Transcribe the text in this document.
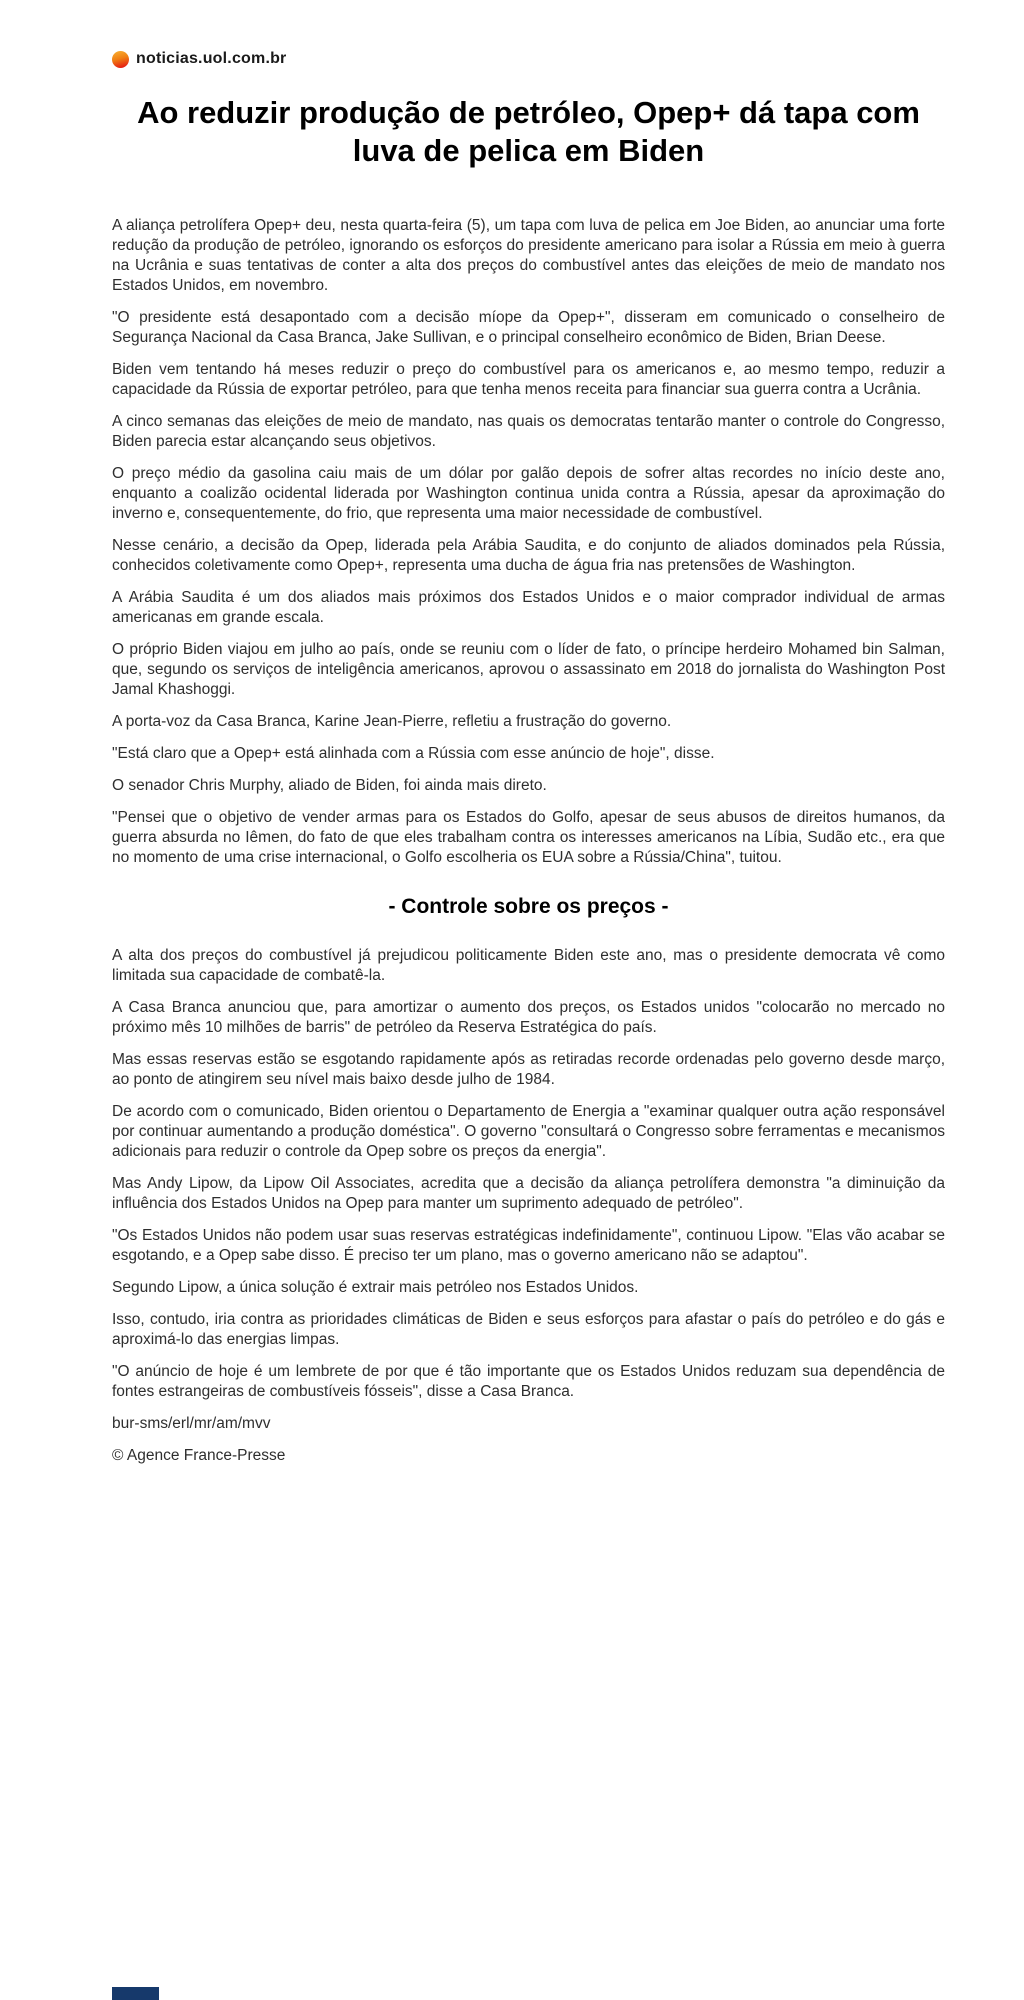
noticias.uol.com.br
Ao reduzir produção de petróleo, Opep+ dá tapa com luva de pelica em Biden

A aliança petrolífera Opep+ deu, nesta quarta-feira (5), um tapa com luva de pelica em Joe Biden, ao anunciar uma forte redução da produção de petróleo, ignorando os esforços do presidente americano para isolar a Rússia em meio à guerra na Ucrânia e suas tentativas de conter a alta dos preços do combustível antes das eleições de meio de mandato nos Estados Unidos, em novembro.

"O presidente está desapontado com a decisão míope da Opep+", disseram em comunicado o conselheiro de Segurança Nacional da Casa Branca, Jake Sullivan, e o principal conselheiro econômico de Biden, Brian Deese.

Biden vem tentando há meses reduzir o preço do combustível para os americanos e, ao mesmo tempo, reduzir a capacidade da Rússia de exportar petróleo, para que tenha menos receita para financiar sua guerra contra a Ucrânia.

A cinco semanas das eleições de meio de mandato, nas quais os democratas tentarão manter o controle do Congresso, Biden parecia estar alcançando seus objetivos.

O preço médio da gasolina caiu mais de um dólar por galão depois de sofrer altas recordes no início deste ano, enquanto a coalizão ocidental liderada por Washington continua unida contra a Rússia, apesar da aproximação do inverno e, consequentemente, do frio, que representa uma maior necessidade de combustível.

Nesse cenário, a decisão da Opep, liderada pela Arábia Saudita, e do conjunto de aliados dominados pela Rússia, conhecidos coletivamente como Opep+, representa uma ducha de água fria nas pretensões de Washington.

A Arábia Saudita é um dos aliados mais próximos dos Estados Unidos e o maior comprador individual de armas americanas em grande escala.

O próprio Biden viajou em julho ao país, onde se reuniu com o líder de fato, o príncipe herdeiro Mohamed bin Salman, que, segundo os serviços de inteligência americanos, aprovou o assassinato em 2018 do jornalista do Washington Post Jamal Khashoggi.

A porta-voz da Casa Branca, Karine Jean-Pierre, refletiu a frustração do governo.

"Está claro que a Opep+ está alinhada com a Rússia com esse anúncio de hoje", disse.

O senador Chris Murphy, aliado de Biden, foi ainda mais direto.

"Pensei que o objetivo de vender armas para os Estados do Golfo, apesar de seus abusos de direitos humanos, da guerra absurda no Iêmen, do fato de que eles trabalham contra os interesses americanos na Líbia, Sudão etc., era que no momento de uma crise internacional, o Golfo escolheria os EUA sobre a Rússia/China", tuitou.

- Controle sobre os preços -

A alta dos preços do combustível já prejudicou politicamente Biden este ano, mas o presidente democrata vê como limitada sua capacidade de combatê-la.

A Casa Branca anunciou que, para amortizar o aumento dos preços, os Estados unidos "colocarão no mercado no próximo mês 10 milhões de barris" de petróleo da Reserva Estratégica do país.

Mas essas reservas estão se esgotando rapidamente após as retiradas recorde ordenadas pelo governo desde março, ao ponto de atingirem seu nível mais baixo desde julho de 1984.

De acordo com o comunicado, Biden orientou o Departamento de Energia a "examinar qualquer outra ação responsável por continuar aumentando a produção doméstica". O governo "consultará o Congresso sobre ferramentas e mecanismos adicionais para reduzir o controle da Opep sobre os preços da energia".

Mas Andy Lipow, da Lipow Oil Associates, acredita que a decisão da aliança petrolífera demonstra "a diminuição da influência dos Estados Unidos na Opep para manter um suprimento adequado de petróleo".

"Os Estados Unidos não podem usar suas reservas estratégicas indefinidamente", continuou Lipow. "Elas vão acabar se esgotando, e a Opep sabe disso. É preciso ter um plano, mas o governo americano não se adaptou".

Segundo Lipow, a única solução é extrair mais petróleo nos Estados Unidos.

Isso, contudo, iria contra as prioridades climáticas de Biden e seus esforços para afastar o país do petróleo e do gás e aproximá-lo das energias limpas.

"O anúncio de hoje é um lembrete de por que é tão importante que os Estados Unidos reduzam sua dependência de fontes estrangeiras de combustíveis fósseis", disse a Casa Branca.

bur-sms/erl/mr/am/mvv

© Agence France-Presse
